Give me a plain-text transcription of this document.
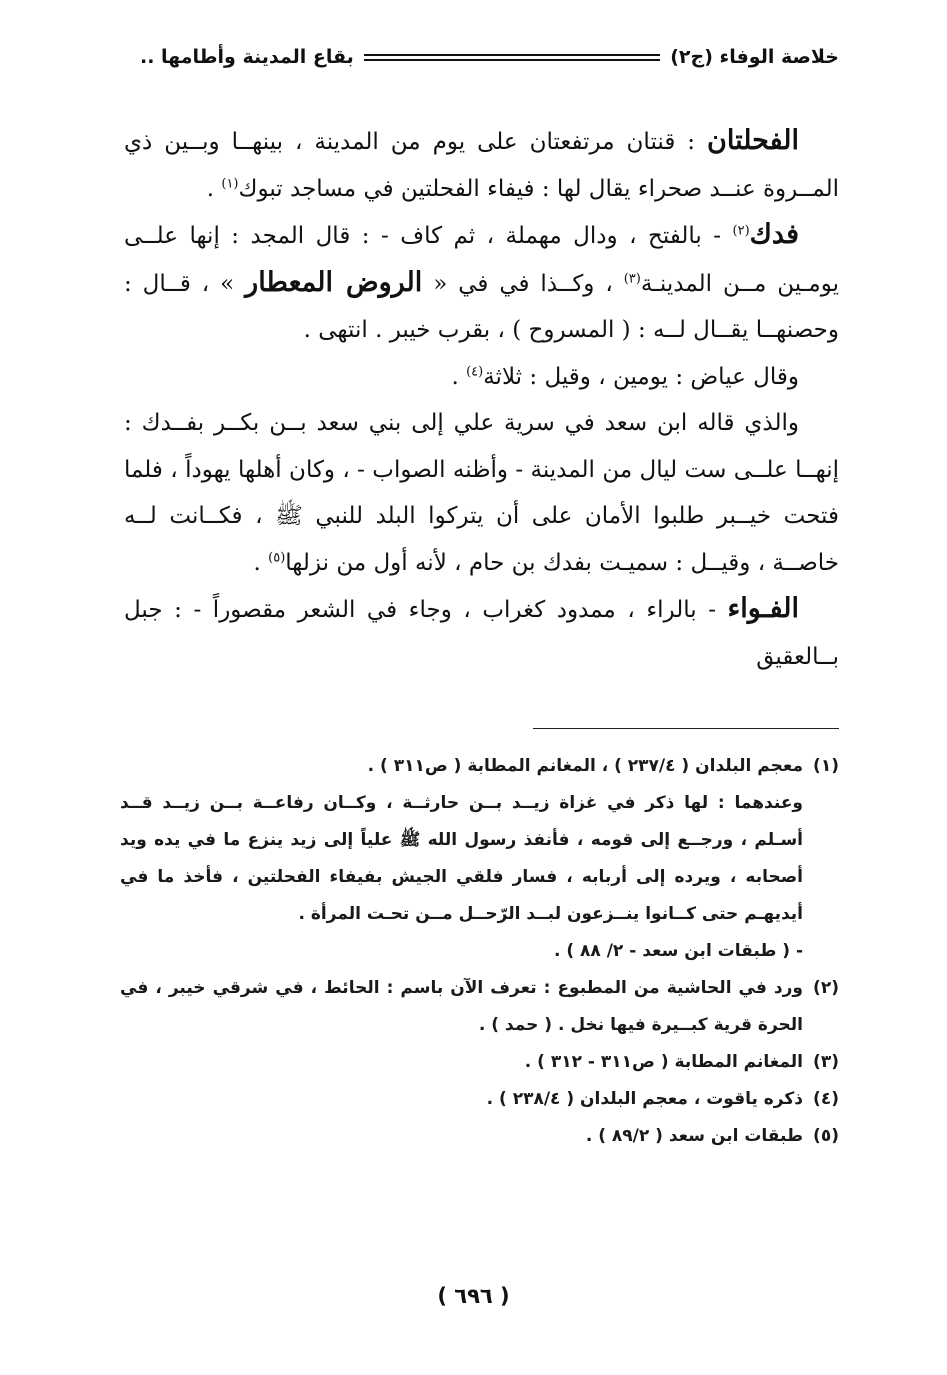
خلاصة الوفاء (ج٢)
بقاع المدينة وأطامها ..

الفحلتان : قنتان مرتفعتان على يوم من المدينة ، بينهــا وبــين ذي المــروة عنــد صحراء يقال لها : فيفاء الفحلتين في مساجد تبوك$^{(١)}$ .

فدك$^{(٢)}$ - بالفتح ، ودال مهملة ، ثم كاف - : قال المجد : إنها علــى يومـين مــن المدينـة$^{(٣)}$ ، وكــذا في في « الروض المعطار » ، قــال : وحصنهــا يقــال لــه : ( المسروح ) ، بقرب خيبر . انتهى .

وقال عياض : يومين ، وقيل : ثلاثة$^{(٤)}$ .

والذي قاله ابن سعد في سرية علي إلى بني سعد بــن بكــر بفــدك : إنهــا علــى ست ليال من المدينة - وأظنه الصواب - ، وكان أهلها يهوداً ، فلما فتحت خيــبر طلبوا الأمان على أن يتركوا البلد للنبي ﷺ ، فكــانت لــه خاصــة ، وقيــل : سميـت بفدك بن حام ، لأنه أول من نزلها$^{(٥)}$ .

الفـواء - بالراء ، ممدود كغراب ، وجاء في الشعر مقصوراً - : جبل بــالعقيق

(١)
معجم البلدان ( ٢٣٧/٤ ) ، المغانم المطابة ( ص٣١١ ) .
وعندهما : لها ذكر في غزاة زيــد بــن حارثــة ، وكــان رفاعــة بــن زيــد قــد أسـلم ، ورجــع إلى قومه ، فأنفذ رسول الله ﷺ علياً إلى زيد ينزع ما في يده ويد أصحابه ، ويرده إلى أربابه ، فسار فلقي الجيش بفيفاء الفحلتين ، فأخذ ما في أيديهـم حتى كــانوا ينــزعون لبــد الرّحــل مــن تحـت المرأة .
- ( طبقات ابن سعد - ٢/ ٨٨ ) .
(٢)
ورد في الحاشية من المطبوع : تعرف الآن باسم : الحائط ، في شرقي خيبر ، في الحرة قرية كبــيرة فيها نخل . ( حمد ) .
(٣)
المغانم المطابة ( ص٣١١ - ٣١٢ ) .
(٤)
ذكره ياقوت ، معجم البلدان ( ٢٣٨/٤ ) .
(٥)
طبقات ابن سعد ( ٨٩/٢ ) .
( ٦٩٦ )
